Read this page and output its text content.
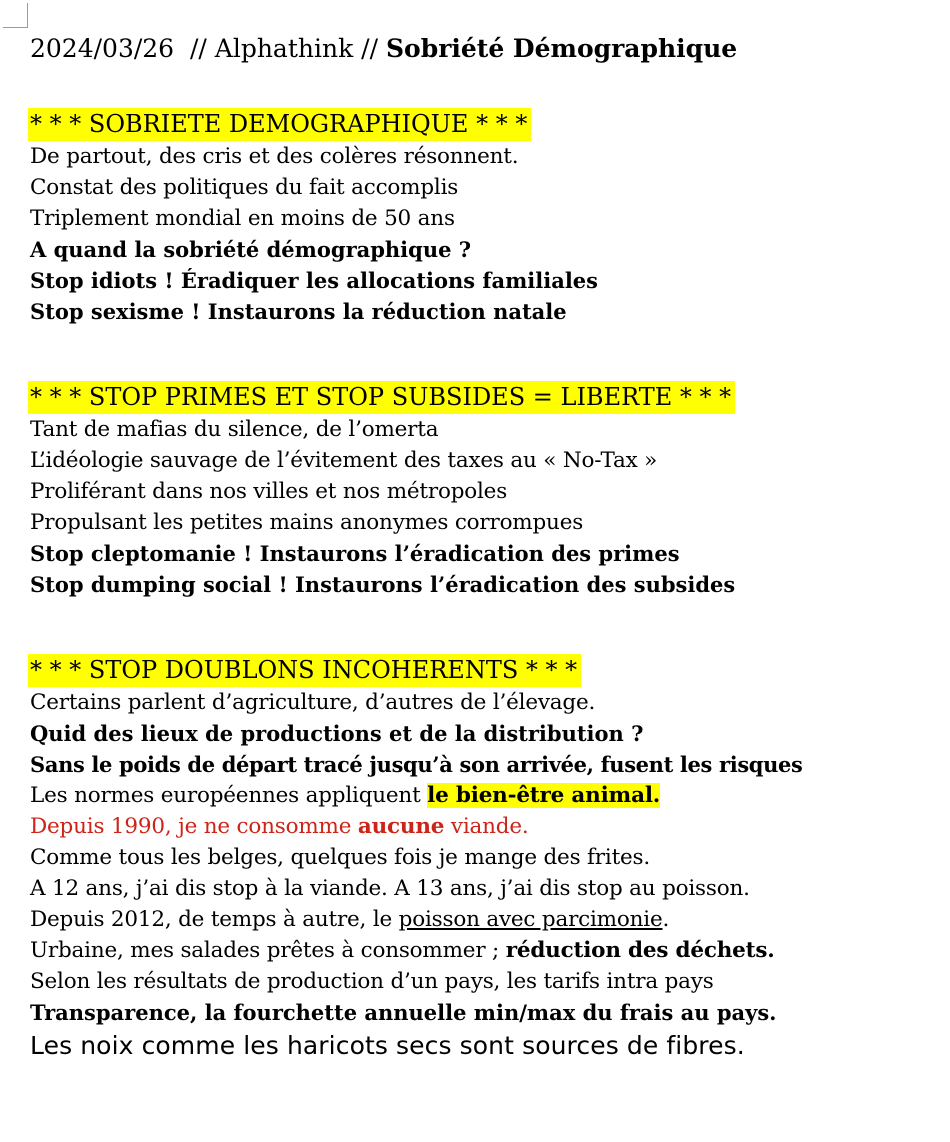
2024/03/26  // Alphathink // Sobriété Démographique
* * * SOBRIETE DEMOGRAPHIQUE * * *
De partout, des cris et des colères résonnent.
Constat des politiques du fait accomplis
Triplement mondial en moins de 50 ans
A quand la sobriété démographique ?
Stop idiots ! Éradiquer les allocations familiales
Stop sexisme ! Instaurons la réduction natale
* * * STOP PRIMES ET STOP SUBSIDES = LIBERTE * * *
Tant de mafias du silence, de l’omerta
L’idéologie sauvage de l’évitement des taxes au « No-Tax »
Proliférant dans nos villes et nos métropoles
Propulsant les petites mains anonymes corrompues
Stop cleptomanie ! Instaurons l’éradication des primes
Stop dumping social ! Instaurons l’éradication des subsides
* * * STOP DOUBLONS INCOHERENTS * * *
Certains parlent d’agriculture, d’autres de l’élevage.
Quid des lieux de productions et de la distribution ?
Sans le poids de départ tracé jusqu’à son arrivée, fusent les risques
Les normes européennes appliquent le bien-être animal.
Depuis 1990, je ne consomme aucune viande.
Comme tous les belges, quelques fois je mange des frites.
A 12 ans, j’ai dis stop à la viande. A 13 ans, j’ai dis stop au poisson.
Depuis 2012, de temps à autre, le poisson avec parcimonie.
Urbaine, mes salades prêtes à consommer ; réduction des déchets.
Selon les résultats de production d’un pays, les tarifs intra pays
Transparence, la fourchette annuelle min/max du frais au pays.
Les noix comme les haricots secs sont sources de fibres.
